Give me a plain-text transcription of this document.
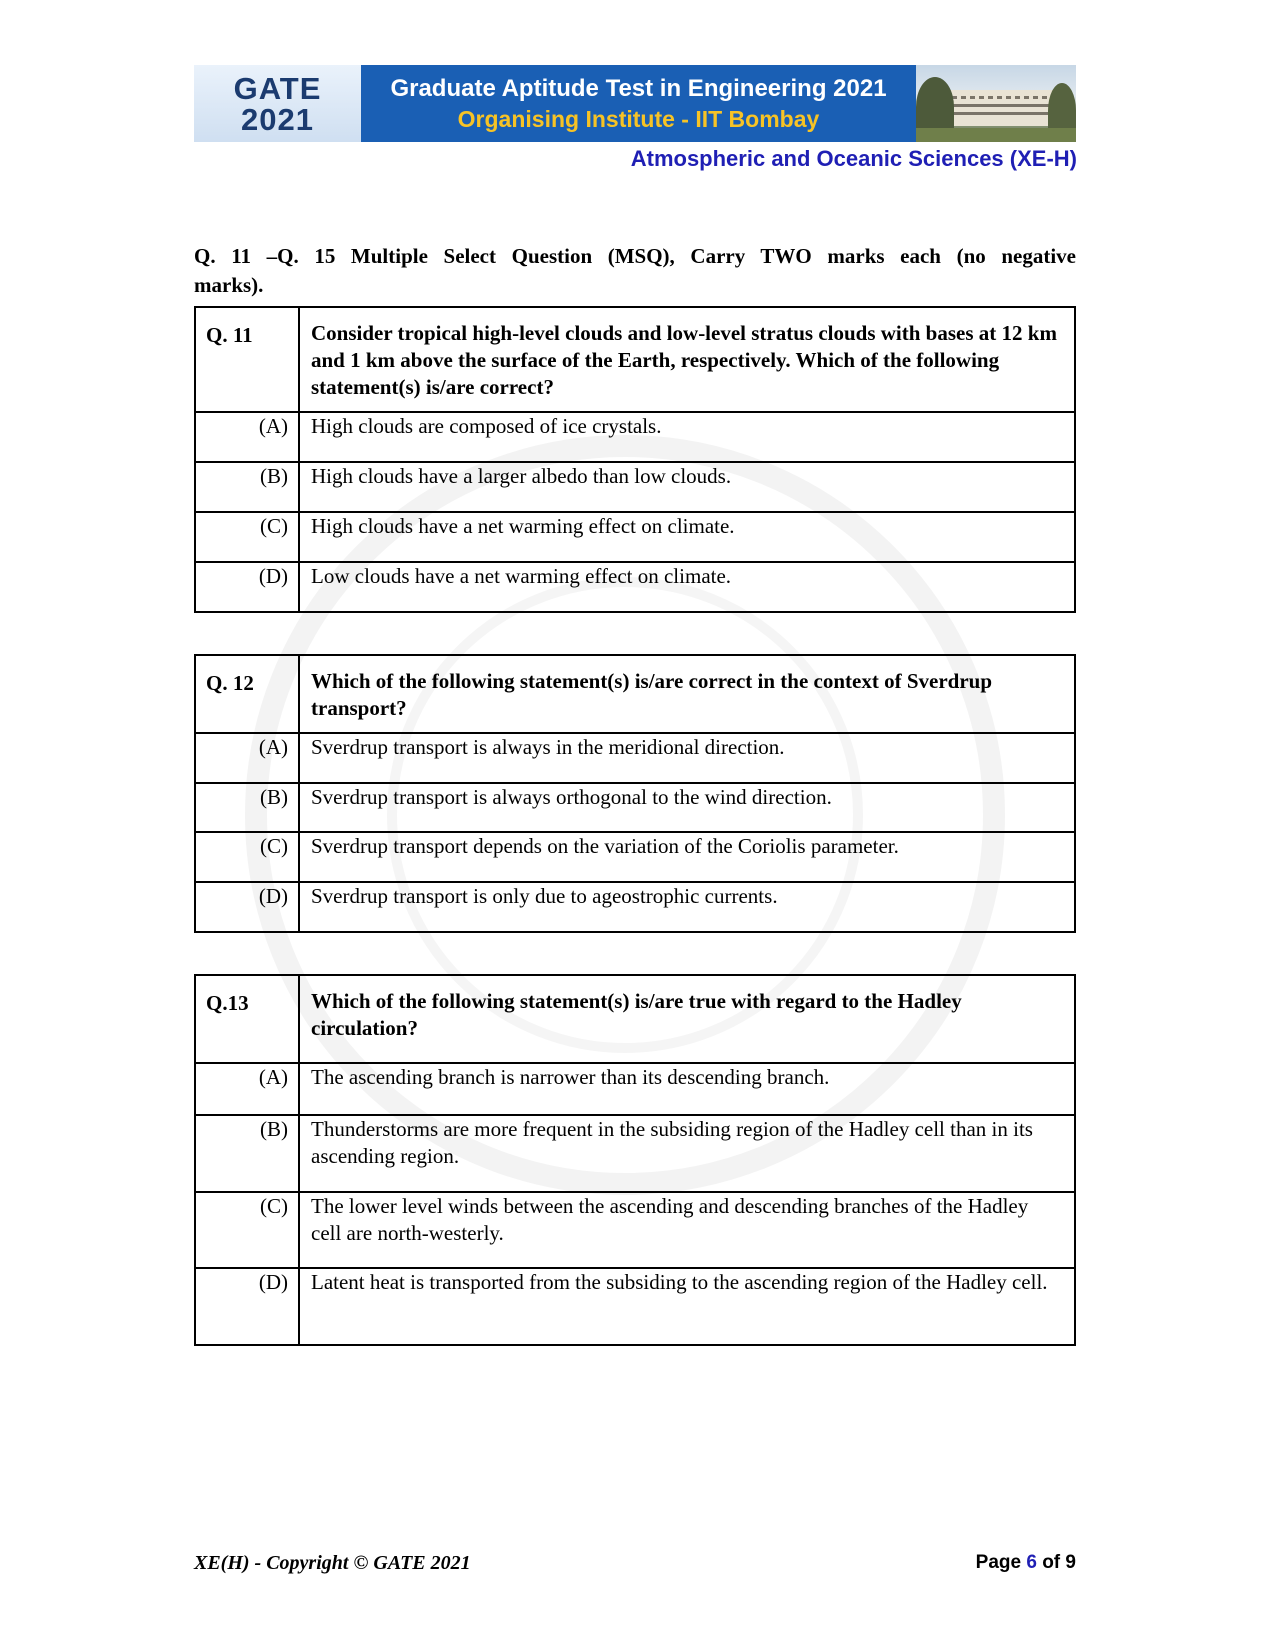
GATE
2021
Graduate Aptitude Test in Engineering 2021
Organising Institute - IIT Bombay
Atmospheric and Oceanic Sciences (XE-H)
Q. 11 –Q. 15 Multiple Select Question (MSQ), Carry TWO marks each (no negative
marks).
Q. 11	Consider tropical high-level clouds and low-level stratus clouds with bases at 12 km and 1 km above the surface of the Earth, respectively. Which of the following statement(s) is/are correct?
(A)	High clouds are composed of ice crystals.
(B)	High clouds have a larger albedo than low clouds.
(C)	High clouds have a net warming effect on climate.
(D)	Low clouds have a net warming effect on climate.
Q. 12	Which of the following statement(s) is/are correct in the context of Sverdrup transport?
(A)	Sverdrup transport is always in the meridional direction.
(B)	Sverdrup transport is always orthogonal to the wind direction.
(C)	Sverdrup transport depends on the variation of the Coriolis parameter.
(D)	Sverdrup transport is only due to ageostrophic currents.
Q.13	Which of the following statement(s) is/are true with regard to the Hadley circulation?
(A)	The ascending branch is narrower than its descending branch.
(B)	Thunderstorms are more frequent in the subsiding region of the Hadley cell than in its ascending region.
(C)	The lower level winds between the ascending and descending branches of the Hadley cell are north-westerly.
(D)	Latent heat is transported from the subsiding to the ascending region of the Hadley cell.
XE(H) - Copyright © GATE 2021	Page 6 of 9
